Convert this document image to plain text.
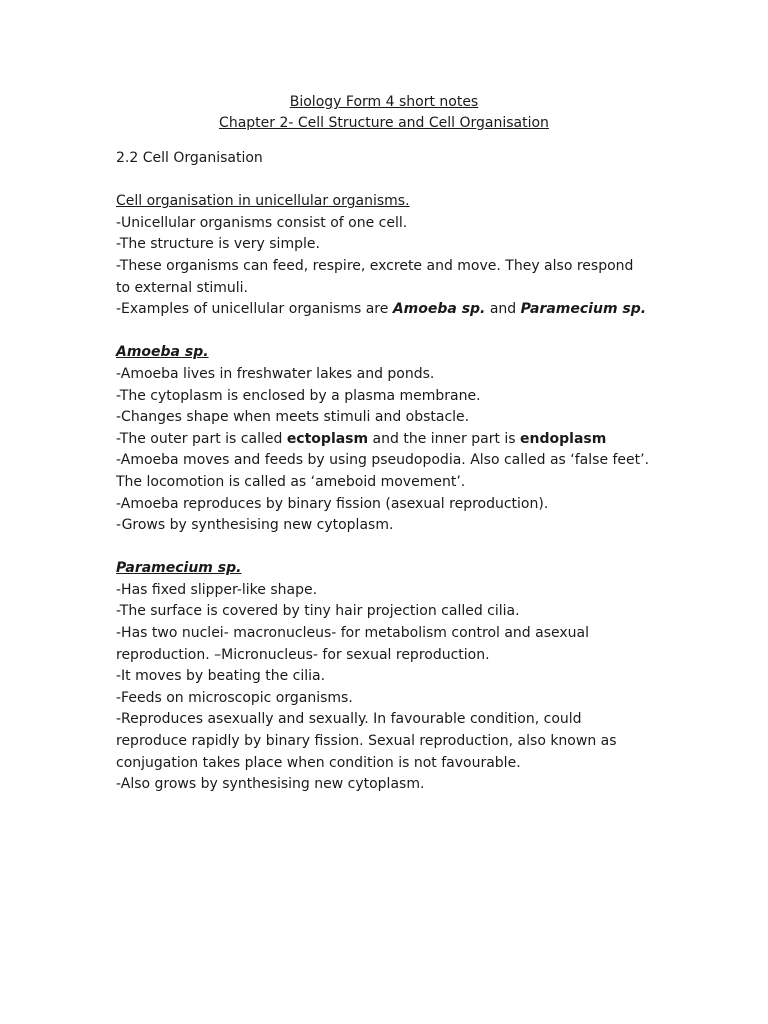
Biology Form 4 short notes
Chapter 2- Cell Structure and Cell Organisation

2.2 Cell Organisation

Cell organisation in unicellular organisms.

-Unicellular organisms consist of one cell.

-The structure is very simple.

-These organisms can feed, respire, excrete and move. They also respond

to external stimuli.

-Examples of unicellular organisms are Amoeba sp. and Paramecium sp.

Amoeba sp.

-Amoeba lives in freshwater lakes and ponds.

-The cytoplasm is enclosed by a plasma membrane.

-Changes shape when meets stimuli and obstacle.

-The outer part is called ectoplasm and the inner part is endoplasm

-Amoeba moves and feeds by using pseudopodia. Also called as ‘false feet’.

The locomotion is called as ‘ameboid movement’.

-Amoeba reproduces by binary fission (asexual reproduction).

-Grows by synthesising new cytoplasm.

Paramecium sp.

-Has fixed slipper-like shape.

-The surface is covered by tiny hair projection called cilia.

-Has two nuclei- macronucleus- for metabolism control and asexual

reproduction. –Micronucleus- for sexual reproduction.

-It moves by beating the cilia.

-Feeds on microscopic organisms.

-Reproduces asexually and sexually. In favourable condition, could

reproduce rapidly by binary fission. Sexual reproduction, also known as

conjugation takes place when condition is not favourable.

-Also grows by synthesising new cytoplasm.
